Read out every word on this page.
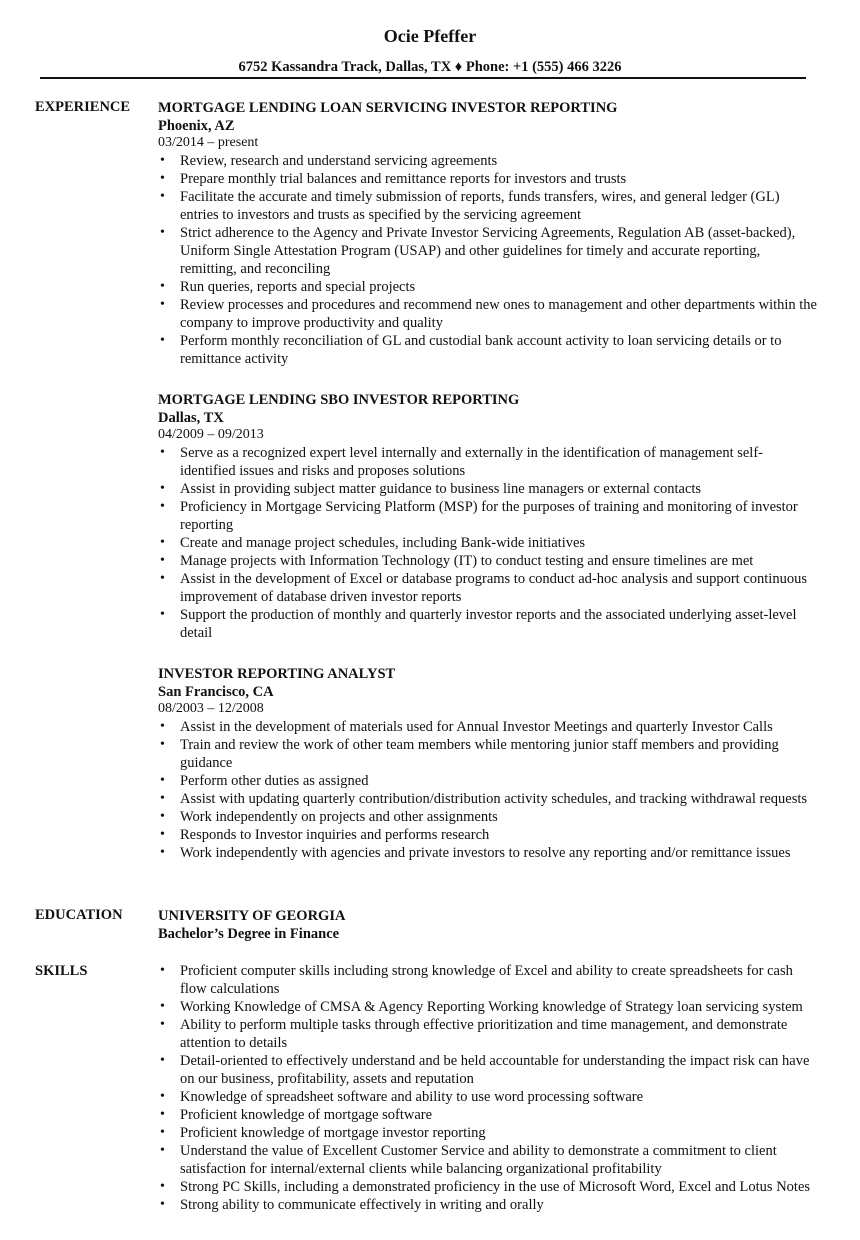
Ocie Pfeffer
6752 Kassandra Track, Dallas, TX ♦ Phone: +1 (555) 466 3226
EXPERIENCE MORTGAGE LENDING LOAN SERVICING INVESTOR REPORTING
Phoenix, AZ
03/2014 – present
• Review, research and understand servicing agreements
• Prepare monthly trial balances and remittance reports for investors and trusts
• Facilitate the accurate and timely submission of reports, funds transfers, wires, and general ledger (GL) entries to investors and trusts as specified by the servicing agreement
• Strict adherence to the Agency and Private Investor Servicing Agreements, Regulation AB (asset-backed), Uniform Single Attestation Program (USAP) and other guidelines for timely and accurate reporting, remitting, and reconciling
• Run queries, reports and special projects
• Review processes and procedures and recommend new ones to management and other departments within the company to improve productivity and quality
• Perform monthly reconciliation of GL and custodial bank account activity to loan servicing details or to remittance activity
MORTGAGE LENDING SBO INVESTOR REPORTING
Dallas, TX
04/2009 – 09/2013
• Serve as a recognized expert level internally and externally in the identification of management self-identified issues and risks and proposes solutions
• Assist in providing subject matter guidance to business line managers or external contacts
• Proficiency in Mortgage Servicing Platform (MSP) for the purposes of training and monitoring of investor reporting
• Create and manage project schedules, including Bank-wide initiatives
• Manage projects with Information Technology (IT) to conduct testing and ensure timelines are met
• Assist in the development of Excel or database programs to conduct ad-hoc analysis and support continuous improvement of database driven investor reports
• Support the production of monthly and quarterly investor reports and the associated underlying asset-level detail
INVESTOR REPORTING ANALYST
San Francisco, CA
08/2003 – 12/2008
• Assist in the development of materials used for Annual Investor Meetings and quarterly Investor Calls
• Train and review the work of other team members while mentoring junior staff members and providing guidance
• Perform other duties as assigned
• Assist with updating quarterly contribution/distribution activity schedules, and tracking withdrawal requests
• Work independently on projects and other assignments
• Responds to Investor inquiries and performs research
• Work independently with agencies and private investors to resolve any reporting and/or remittance issues
EDUCATION UNIVERSITY OF GEORGIA
Bachelor’s Degree in Finance
SKILLS
•	Proficient computer skills including strong knowledge of Excel and ability to create spreadsheets for cash flow calculations
• Working Knowledge of CMSA & Agency Reporting Working knowledge of Strategy loan servicing system
• Ability to perform multiple tasks through effective prioritization and time management, and demonstrate attention to details
• Detail-oriented to effectively understand and be held accountable for understanding the impact risk can have on our business, profitability, assets and reputation
• Knowledge of spreadsheet software and ability to use word processing software
• Proficient knowledge of mortgage software
• Proficient knowledge of mortgage investor reporting
• Understand the value of Excellent Customer Service and ability to demonstrate a commitment to client satisfaction for internal/external clients while balancing organizational profitability
• Strong PC Skills, including a demonstrated proficiency in the use of Microsoft Word, Excel and Lotus Notes
• Strong ability to communicate effectively in writing and orally
